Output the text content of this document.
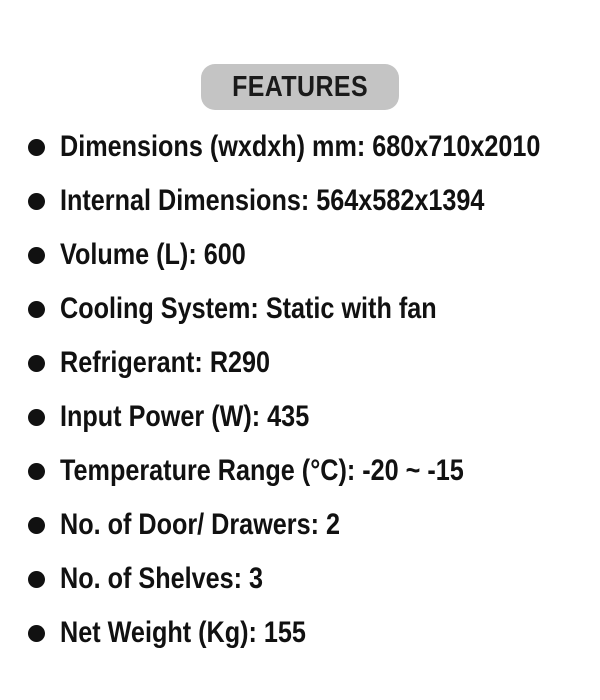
FEATURES
Dimensions (wxdxh) mm: 680x710x2010
Internal Dimensions: 564x582x1394
Volume (L): 600
Cooling System: Static with fan
Refrigerant: R290
Input Power (W): 435
Temperature Range (°C): -20 ~ -15
No. of Door/ Drawers: 2
No. of Shelves: 3
Net Weight (Kg): 155
